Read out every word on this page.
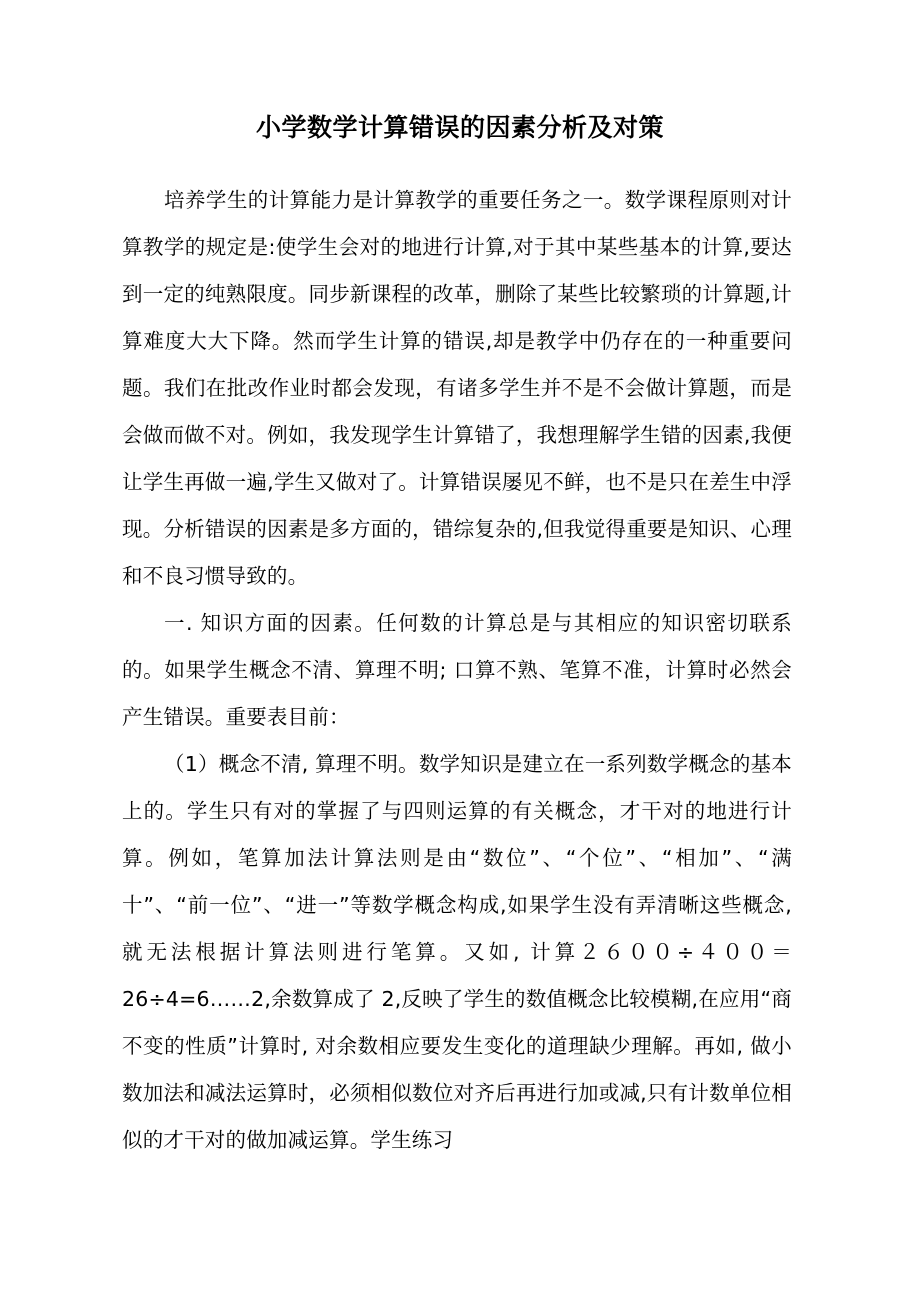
小学数学计算错误的因素分析及对策

培养学生的计算能力是计算教学的重要任务之一。数学课程原则对计算教学的规定是:使学生会对的地进行计算,对于其中某些基本的计算,要达到一定的纯熟限度。同步新课程的改革，删除了某些比较繁琐的计算题,计算难度大大下降。然而学生计算的错误,却是教学中仍存在的一种重要问题。我们在批改作业时都会发现，有诸多学生并不是不会做计算题，而是会做而做不对。例如，我发现学生计算错了，我想理解学生错的因素,我便让学生再做一遍,学生又做对了。计算错误屡见不鲜，也不是只在差生中浮现。分析错误的因素是多方面的，错综复杂的,但我觉得重要是知识、心理和不良习惯导致的。

一. 知识方面的因素。任何数的计算总是与其相应的知识密切联系的。如果学生概念不清、算理不明; 口算不熟、笔算不准，计算时必然会产生错误。重要表目前：

（1）概念不清, 算理不明。数学知识是建立在一系列数学概念的基本上的。学生只有对的掌握了与四则运算的有关概念，才干对的地进行计算。例如，笔算加法计算法则是由“数位”、“个位”、“相加”、“满 十”、“前一位”、“进一”等数学概念构成,如果学生没有弄清晰这些概念, 就无法根据计算法则进行笔算。又如, 计算２６００÷４００＝26÷4=6……2,余数算成了 2,反映了学生的数值概念比较模糊,在应用“商不变的性质”计算时, 对余数相应要发生变化的道理缺少理解。再如, 做小数加法和减法运算时，必须相似数位对齐后再进行加或减,只有计数单位相似的才干对的做加减运算。学生练习
